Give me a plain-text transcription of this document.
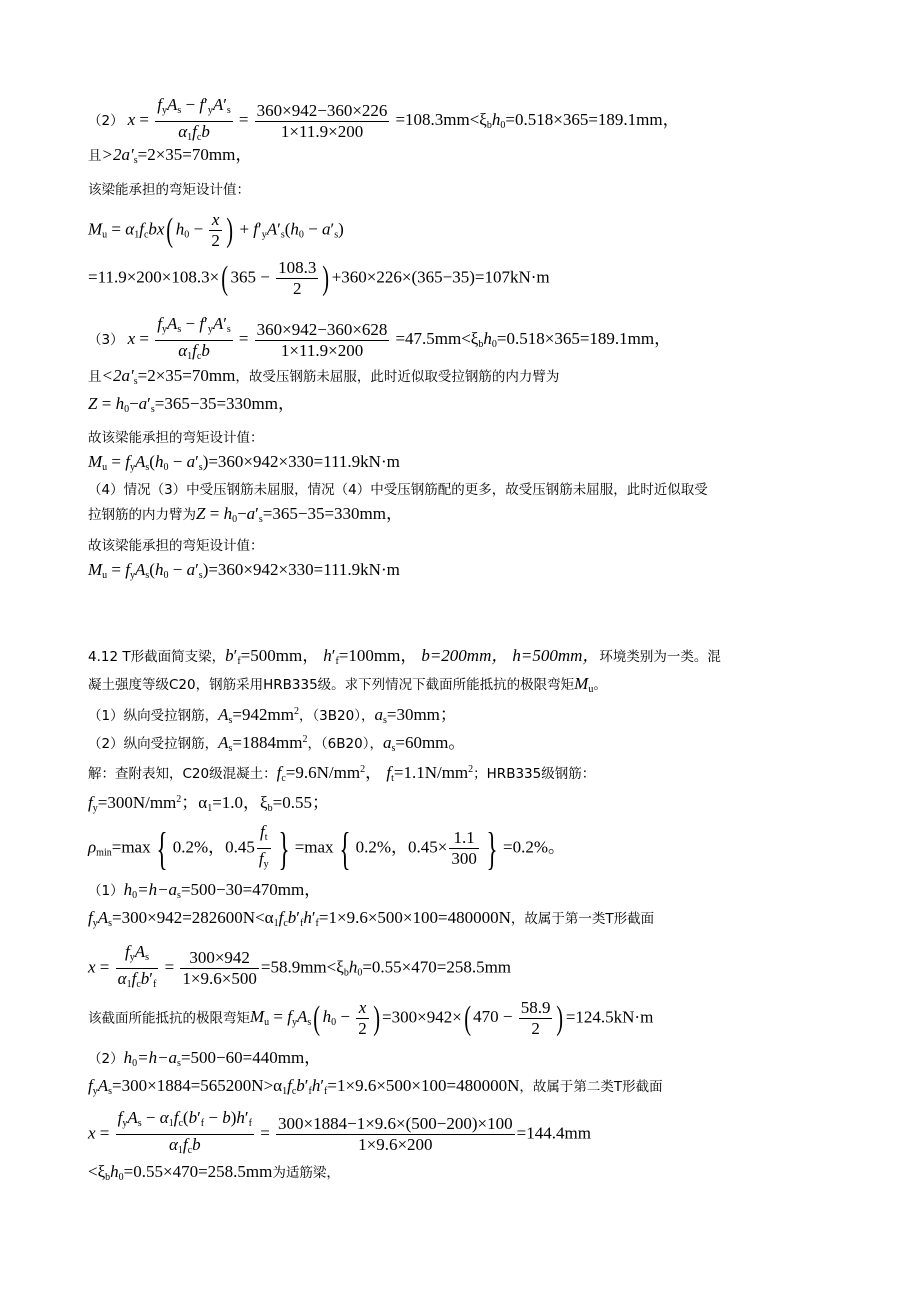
（2） $x = \frac{f_yA_s - f'_yA'_s}{\alpha_1f_cb} = \frac{360\times 942-360\times 226}{1\times 11.9\times 200} =108.3mm<\xi_bh_0=0.518\times 365=189.1mm$，
且$>2a'_s=2\times 35=70mm$，
该梁能承担的弯矩设计值：
$M_u = \alpha_1f_cbx$( $h_0 - \frac{x}{2}$ ) + $f'_yA'_s(h_0 - a'_s)$
=11.9×200×108.3×( $365 - \frac{108.3}{2}$ ) +360×226×(365−35)=107kN·m
（3） $x = \frac{f_yA_s - f'_yA'_s}{\alpha_1f_cb} = \frac{360\times 942-360\times 628}{1\times 11.9\times 200} =47.5mm<\xi_bh_0=0.518\times 365=189.1mm$，
且$<2a'_s=2\times 35=70mm$，故受压钢筋未屈服，此时近似取受拉钢筋的内力臂为
$Z = h_0-a'_s=365-35=330mm$，
故该梁能承担的弯矩设计值：
$M_u = f_yA_s(h_0 - a'_s)=360\times 942\times 330=111.9kN\cdot m$
（4）情况（3）中受压钢筋未屈服，情况（4）中受压钢筋配的更多，故受压钢筋未屈服，此时近似取受
拉钢筋的内力臂为$Z = h_0-a'_s=365-35=330mm$，
故该梁能承担的弯矩设计值：
$M_u = f_yA_s(h_0 - a'_s)=360\times 942\times 330=111.9kN\cdot m$
4.12 T形截面简支梁，$b'_f=500mm$， $h'_f=100mm$， b=200mm， h=500mm，环境类别为一类。混
凝土强度等级C20，钢筋采用HRB335级。求下列情况下截面所能抵抗的极限弯矩$M_u$。
（1）纵向受拉钢筋，$A_s=942mm^2$，（3B20），$a_s=30mm$；
（2）纵向受拉钢筋，$A_s=1884mm^2$，（6B20），$a_s=60mm$。
解：查附表知，C20级混凝土：$f_c=9.6N/mm^2$， $f_t=1.1N/mm^2$；HRB335级钢筋：
$f_y=300N/mm^2$；$\alpha_1=1.0$，$\xi_b=0.55$；
$\rho_{min}=\max$ { 0.2%，$0.45 \frac{f_t}{f_y}$ } =max { 0.2%，$0.45\times \frac{1.1}{300}$ } =0.2%。
$(1)h_0=h-a_s=500-30=470mm$，
$f_yA_s=300\times 942=282600N<\alpha_1f_cb'_fh'_f=1\times 9.6\times 500\times 100=480000N$，故属于第一类T形截面
$x = \frac{f_yA_s}{\alpha_1f_cb'_f} = \frac{300\times 942}{1\times 9.6\times 500} =58.9mm<\xi_bh_0=0.55\times 470=258.5mm$
该截面所能抵抗的极限弯矩$M_u = f_yA_s$( $h_0 - \frac{x}{2}$ ) =300×942×( $470 - \frac{58.9}{2}$ ) =124.5kN·m
$(2)h_0=h-a_s=500-60=440mm$，
$f_yA_s=300\times 1884=565200N>\alpha_1f_cb'_fh'_f=1\times 9.6\times 500\times 100=480000N$，故属于第二类T形截面
$x = \frac{f_yA_s - \alpha_1f_c(b'_f - b)h'_f}{\alpha_1f_cb} = \frac{300\times 1884-1\times 9.6\times(500-200)\times 100}{1\times 9.6\times 200} =144.4mm$
$<\xi_bh_0=0.55\times 470=258.5mm$为适筋梁，
